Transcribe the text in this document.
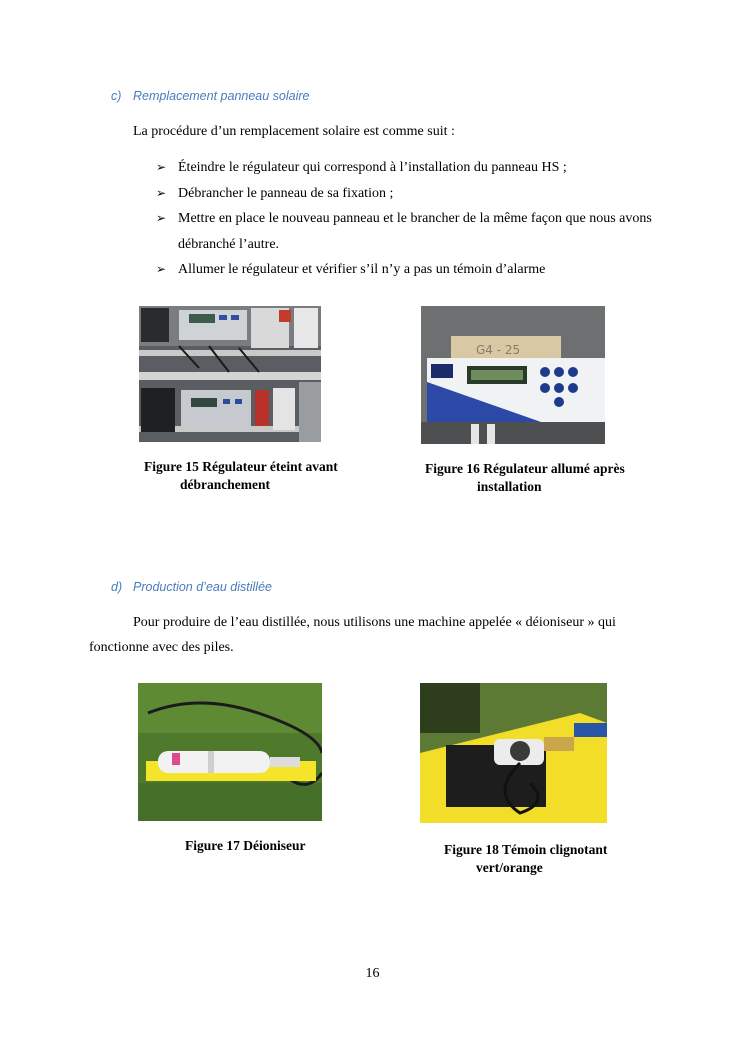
c) Remplacement panneau solaire
La procédure d’un remplacement solaire est comme suit :
➢ Éteindre le régulateur qui correspond à l’installation du panneau HS ;
➢ Débrancher le panneau de sa fixation ;
➢ Mettre en place le nouveau panneau et le brancher de la même façon que nous avons débranché l’autre.
➢ Allumer le régulateur et vérifier s’il n’y a pas un témoin d’alarme
G4 - 25
Figure 15 Régulateur éteint avant
débranchement
Figure 16 Régulateur allumé après
installation
d) Production d’eau distillée
Pour produire de l’eau distillée, nous utilisons une machine appelée « déioniseur » qui
fonctionne avec des piles.
Figure 17 Déioniseur	Figure 18 Témoin clignotant
vert/orange
16
